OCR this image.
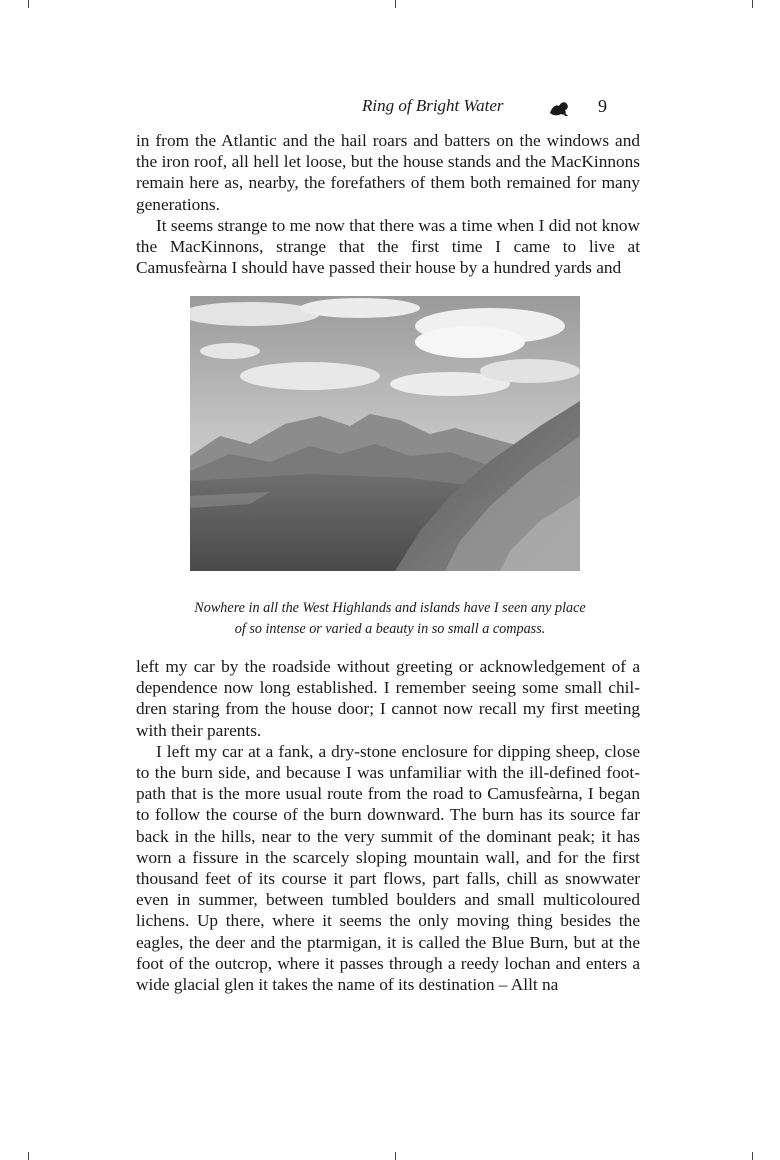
Ring of Bright Water	9

in from the Atlantic and the hail roars and batters on the windows and the iron roof, all hell let loose, but the house stands and the MacKinnons remain here as, nearby, the forefathers of them both remained for many generations.

It seems strange to me now that there was a time when I did not know the MacKinnons, strange that the first time I came to live at Camusfeàrna I should have passed their house by a hundred yards and

Nowhere in all the West Highlands and islands have I seen any place
of so intense or varied a beauty in so small a compass.

left my car by the roadside without greeting or acknowledgement of a dependence now long established. I remember seeing some small children staring from the house door; I cannot now recall my first meeting with their parents.

I left my car at a fank, a dry-stone enclosure for dipping sheep, close to the burn side, and because I was unfamiliar with the ill-defined footpath that is the more usual route from the road to Camusfeàrna, I began to follow the course of the burn downward. The burn has its source far back in the hills, near to the very summit of the dominant peak; it has worn a fissure in the scarcely sloping mountain wall, and for the first thousand feet of its course it part flows, part falls, chill as snowwater even in summer, between tumbled boulders and small multicoloured lichens. Up there, where it seems the only moving thing besides the eagles, the deer and the ptarmigan, it is called the Blue Burn, but at the foot of the outcrop, where it passes through a reedy lochan and enters a wide glacial glen it takes the name of its destination – Allt na
